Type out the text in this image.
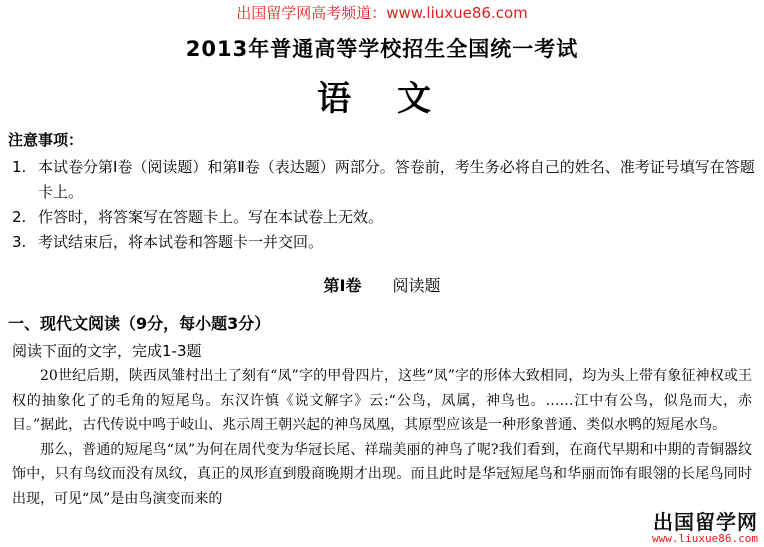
出国留学网高考频道：www.liuxue86.com
2013年普通高等学校招生全国统一考试
语文
注意事项：
1. 本试卷分第Ⅰ卷（阅读题）和第Ⅱ卷（表达题）两部分。答卷前，考生务必将自己的姓名、准考证号填写在答题卡上。
2. 作答时，将答案写在答题卡上。写在本试卷上无效。
3. 考试结束后，将本试卷和答题卡一并交回。
第Ⅰ卷 阅读题
一、现代文阅读（9分，每小题3分）
阅读下面的文字，完成1-3题

20世纪后期，陕西凤雏村出土了刻有“凤”字的甲骨四片，这些“凤”字的形体大致相同，均为头上带有象征神权或王权的抽象化了的毛角的短尾鸟。东汉许慎《说文解字》云:“公鸟，凤属，神鸟也。……江中有公鸟，似凫而大，赤目。”据此，古代传说中鸣于岐山、兆示周王朝兴起的神鸟凤凰，其原型应该是一种形象普通、类似水鸭的短尾水鸟。

那么，普通的短尾鸟“凤”为何在周代变为华冠长尾、祥瑞美丽的神鸟了呢?我们看到，在商代早期和中期的青铜器纹饰中，只有鸟纹而没有凤纹，真正的凤形直到殷商晚期才出现。而且此时是华冠短尾鸟和华丽而饰有眼翎的长尾鸟同时出现，可见“凤”是由鸟演变而来的

出国留学网
www.liuxue86.com
